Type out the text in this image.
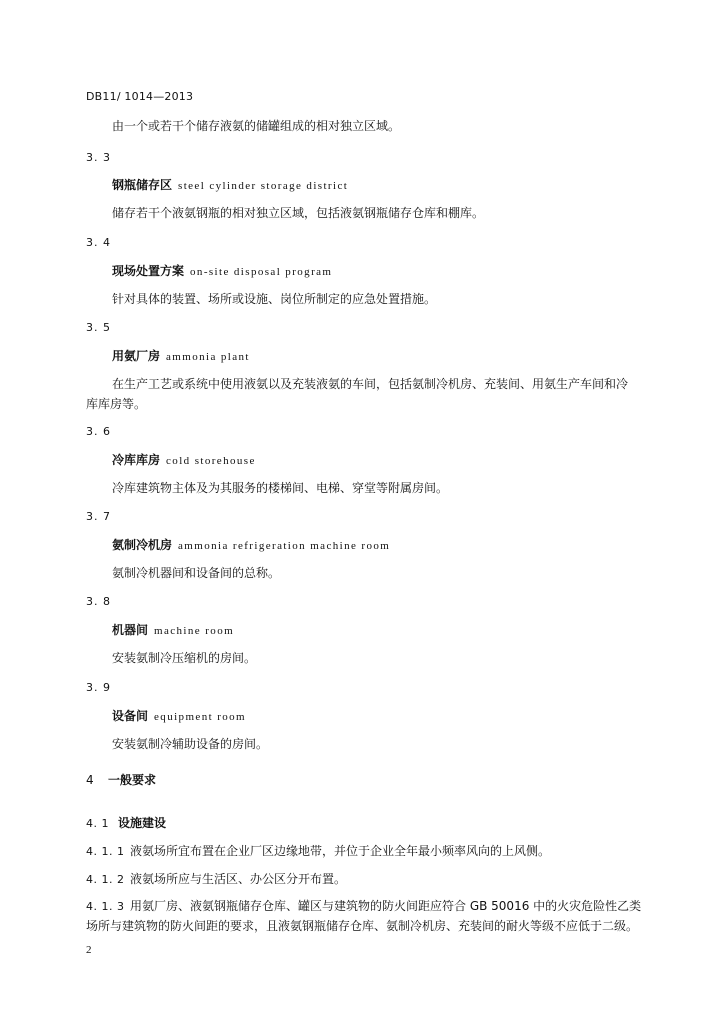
DB11/ 1014—2013
由一个或若干个储存液氨的储罐组成的相对独立区域。
3. 3
钢瓶储存区 steel cylinder storage district
储存若干个液氨钢瓶的相对独立区域，包括液氨钢瓶储存仓库和棚库。
3. 4
现场处置方案 on-site disposal program
针对具体的装置、场所或设施、岗位所制定的应急处置措施。
3. 5
用氨厂房 ammonia plant
在生产工艺或系统中使用液氨以及充装液氨的车间，包括氨制冷机房、充装间、用氨生产车间和冷
库库房等。
3. 6
冷库库房 cold storehouse
冷库建筑物主体及为其服务的楼梯间、电梯、穿堂等附属房间。
3. 7
氨制冷机房 ammonia refrigeration machine room
氨制冷机器间和设备间的总称。
3. 8
机器间 machine room
安装氨制冷压缩机的房间。
3. 9
设备间 equipment room
安装氨制冷辅助设备的房间。
4 一般要求
4. 1 设施建设
4. 1. 1 液氨场所宜布置在企业厂区边缘地带，并位于企业全年最小频率风向的上风侧。
4. 1. 2 液氨场所应与生活区、办公区分开布置。
4. 1. 3 用氨厂房、液氨钢瓶储存仓库、罐区与建筑物的防火间距应符合 GB 50016 中的火灾危险性乙类
场所与建筑物的防火间距的要求，且液氨钢瓶储存仓库、氨制冷机房、充装间的耐火等级不应低于二级。
2
